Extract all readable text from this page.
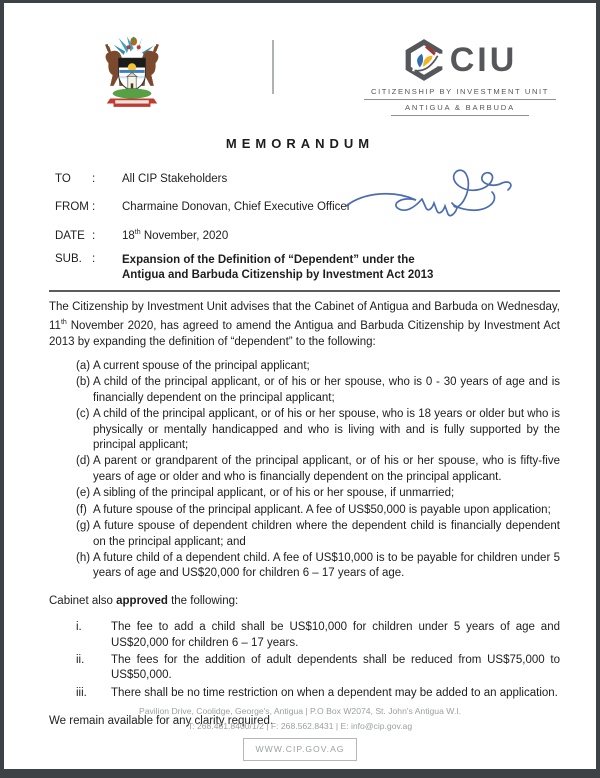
CIU
CITIZENSHIP BY INVESTMENT UNIT
ANTIGUA & BARBUDA
MEMORANDUM
TO : All CIP Stakeholders
FROM : Charmaine Donovan, Chief Executive Officer
DATE : 18th November, 2020
SUB. : Expansion of the Definition of “Dependent” under the
Antigua and Barbuda Citizenship by Investment Act 2013

The Citizenship by Investment Unit advises that the Cabinet of Antigua and Barbuda on Wednesday, 11th November 2020, has agreed to amend the Antigua and Barbuda Citizenship by Investment Act 2013 by expanding the definition of “dependent” to the following:

(a) A current spouse of the principal applicant;
(b) A child of the principal applicant, or of his or her spouse, who is 0 - 30 years of age and is financially dependent on the principal applicant;
(c) A child of the principal applicant, or of his or her spouse, who is 18 years or older but who is physically or mentally handicapped and who is living with and is fully supported by the principal applicant;
(d) A parent or grandparent of the principal applicant, or of his or her spouse, who is fifty-five years of age or older and who is financially dependent on the principal applicant.
(e) A sibling of the principal applicant, or of his or her spouse, if unmarried;
(f) A future spouse of the principal applicant. A fee of US$50,000 is payable upon application;
(g) A future spouse of dependent children where the dependent child is financially dependent on the principal applicant; and
(h) A future child of a dependent child. A fee of US$10,000 is to be payable for children under 5 years of age and US$20,000 for children 6 – 17 years of age.

Cabinet also approved the following:

i.	The fee to add a child shall be US$10,000 for children under 5 years of age and US$20,000 for children 6 – 17 years.
ii. The fees for the addition of adult dependents shall be reduced from US$75,000 to US$50,000.
iii. There shall be no time restriction on when a dependent may be added to an application.

We remain available for any clarity required.

Pavilion Drive, Coolidge, George's, Antigua | P.O Box W2074, St. John's Antigua W.I.
T: 268.481.8400/1/2 | F: 268.562.8431 | E: info@cip.gov.ag
WWW.CIP.GOV.AG
